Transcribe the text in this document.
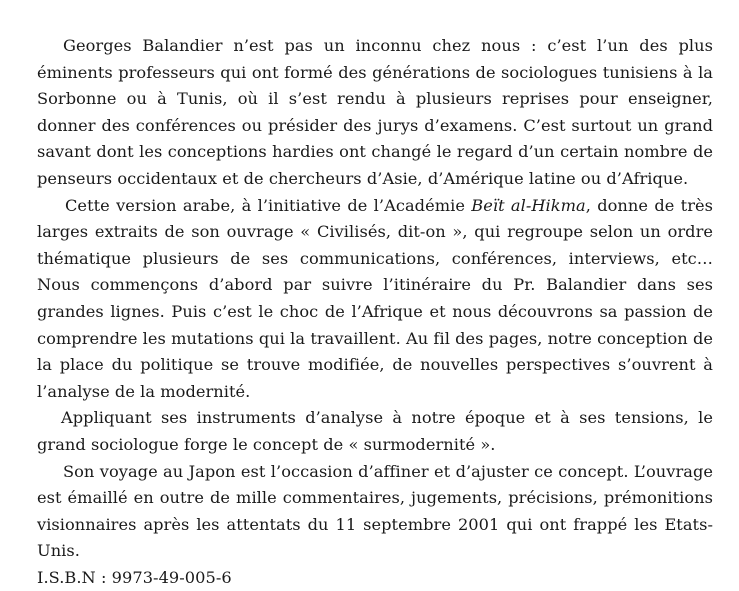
Georges Balandier n’est pas un inconnu chez nous : c’est l’un des plus éminents professeurs qui ont formé des générations de sociologues tunisiens à la Sorbonne ou à Tunis, où il s’est rendu à plusieurs reprises pour enseigner, donner des conférences ou présider des jurys d’examens. C’est surtout un grand savant dont les conceptions hardies ont changé le regard d’un certain nombre de penseurs occidentaux et de chercheurs d’Asie, d’Amérique latine ou d’Afrique.

Cette version arabe, à l’initiative de l’Académie Beït al-Hikma, donne de très larges extraits de son ouvrage « Civilisés, dit-on », qui regroupe selon un ordre thématique plusieurs de ses communications, conférences, interviews, etc… Nous commençons d’abord par suivre l’itinéraire du Pr. Balandier dans ses grandes lignes. Puis c’est le choc de l’Afrique et nous découvrons sa passion de comprendre les mutations qui la travaillent. Au fil des pages, notre conception de la place du politique se trouve modifiée, de nouvelles perspectives s’ouvrent à l’analyse de la modernité.

Appliquant ses instruments d’analyse à notre époque et à ses tensions, le grand sociologue forge le concept de « surmodernité ».

Son voyage au Japon est l’occasion d’affiner et d’ajuster ce concept. L’ouvrage est émaillé en outre de mille commentaires, jugements, précisions, prémonitions visionnaires après les attentats du 11 septembre 2001 qui ont frappé les Etats-Unis.

I.S.B.N : 9973-49-005-6
